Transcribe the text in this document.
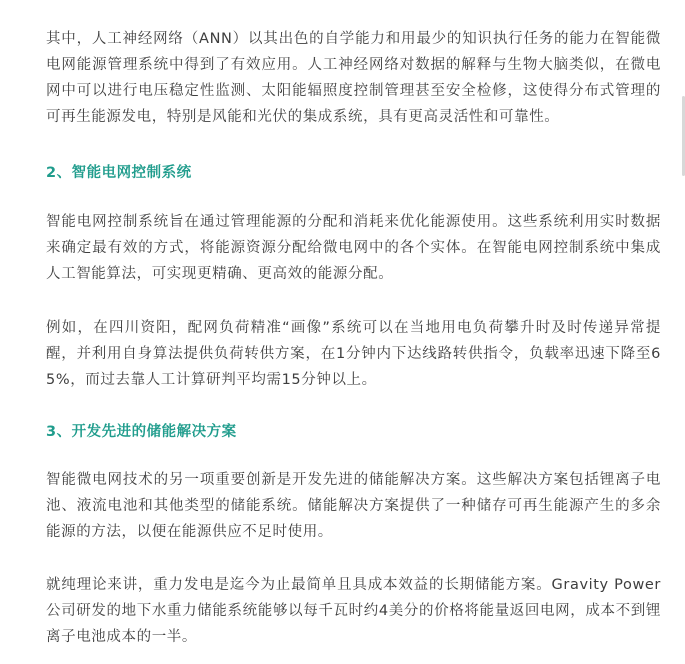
其中，人工神经网络（ANN）以其出色的自学能力和用最少的知识执行任务的能力在智能微电网能源管理系统中得到了有效应用。人工神经网络对数据的解释与生物大脑类似，在微电网中可以进行电压稳定性监测、太阳能辐照度控制管理甚至安全检修，这使得分布式管理的可再生能源发电，特别是风能和光伏的集成系统，具有更高灵活性和可靠性。

2、智能电网控制系统

智能电网控制系统旨在通过管理能源的分配和消耗来优化能源使用。这些系统利用实时数据来确定最有效的方式，将能源资源分配给微电网中的各个实体。在智能电网控制系统中集成人工智能算法，可实现更精确、更高效的能源分配。

例如，在四川资阳，配网负荷精准“画像”系统可以在当地用电负荷攀升时及时传递异常提醒，并利用自身算法提供负荷转供方案，在1分钟内下达线路转供指令，负载率迅速下降至65%，而过去靠人工计算研判平均需15分钟以上。

3、开发先进的储能解决方案

智能微电网技术的另一项重要创新是开发先进的储能解决方案。这些解决方案包括锂离子电池、液流电池和其他类型的储能系统。储能解决方案提供了一种储存可再生能源产生的多余能源的方法，以便在能源供应不足时使用。

就纯理论来讲，重力发电是迄今为止最简单且具成本效益的长期储能方案。Gravity Power公司研发的地下水重力储能系统能够以每千瓦时约4美分的价格将能量返回电网，成本不到锂离子电池成本的一半。
